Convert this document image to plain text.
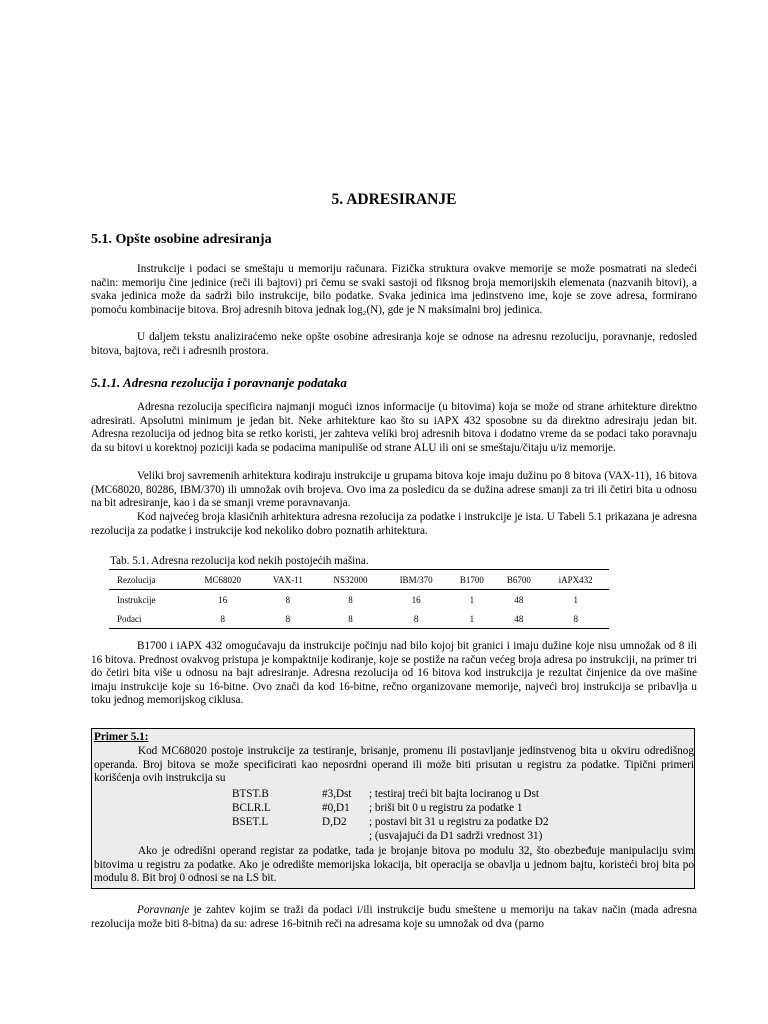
5. ADRESIRANJE
5.1. Opšte osobine adresiranja

Instrukcije i podaci se smeštaju u memoriju računara. Fizička struktura ovakve memorije se može posmatrati na sledeći način: memoriju čine jedinice (reči ili bajtovi) pri čemu se svaki sastoji od fiksnog broja memorijskih elemenata (nazvanih bitovi), a svaka jedinica može da sadrži bilo instrukcije, bilo podatke. Svaka jedinica ima jedinstveno ime, koje se zove adresa, formirano pomoću kombinacije bitova. Broj adresnih bitova jednak log₂(N), gde je N maksimalni broj jedinica.

U daljem tekstu analiziraćemo neke opšte osobine adresiranja koje se odnose na adresnu rezoluciju, poravnanje, redosled bitova, bajtova, reči i adresnih prostora.

5.1.1. Adresna rezolucija i poravnanje podataka

Adresna rezolucija specificira najmanji mogući iznos informacije (u bitovima) koja se može od strane arhitekture direktno adresirati. Apsolutni minimum je jedan bit. Neke arhitekture kao što su iAPX 432 sposobne su da direktno adresiraju jedan bit. Adresna rezolucija od jednog bita se retko koristi, jer zahteva veliki broj adresnih bitova i dodatno vreme da se podaci tako poravnaju da su bitovi u korektnoj poziciji kada se podacima manipuliše od strane ALU ili oni se smeštaju/čitaju u/iz memorije.

Veliki broj savremenih arhitektura kodiraju instrukcije u grupama bitova koje imaju dužinu po 8 bitova (VAX-11), 16 bitova (MC68020, 80286, IBM/370) ili umnožak ovih brojeva. Ovo ima za posledicu da se dužina adrese smanji za tri ili četiri bita u odnosu na bit adresiranje, kao i da se smanji vreme poravnavanja.

Kod najvećeg broja klasičnih arhitektura adresna rezolucija za podatke i instrukcije je ista. U Tabeli 5.1 prikazana je adresna rezolucija za podatke i instrukcije kod nekoliko dobro poznatih arhitektura.

Tab. 5.1. Adresna rezolucija kod nekih postojećih mašina.

Rezolucija	MC68020	VAX-11	NS32000	IBM/370	B1700	B6700	iAPX432
Instrukcije	16	8	8	16	1	48	1
Podaci	8	8	8	8	1	48	8

B1700 i iAPX 432 omogućavaju da instrukcije počinju nad bilo kojoj bit granici i imaju dužine koje nisu umnožak od 8 ili 16 bitova. Prednost ovakvog pristupa je kompaktnije kodiranje, koje se postiže na račun većeg broja adresa po instrukciji, na primer tri do četiri bita više u odnosu na bajt adresiranje. Adresna rezolucija od 16 bitova kod instrukcija je rezultat činjenice da ove mašine imaju instrukcije koje su 16-bitne. Ovo znači da kod 16-bitne, rečno organizovane memorije, najveći broj instrukcija se pribavlja u toku jednog memorijskog ciklusa.

Primer 5.1:

Kod MC68020 postoje instrukcije za testiranje, brisanje, promenu ili postavljanje jedinstvenog bita u okviru odredišnog operanda. Broj bitova se može specificirati kao neposrdni operand ili može biti prisutan u registru za podatke. Tipični primeri korišćenja ovih instrukcija su

BTST.B	#3,Dst ; testiraj treći bit bajta lociranog u Dst
BCLR.L	#0,D1 ; briši bit 0 u registru za podatke 1
BSET.L	D,D2 ; postavi bit 31 u registru za podatke D2
; (usvajajući da D1 sadrži vrednost 31)

Ako je odredišni operand registar za podatke, tada je brojanje bitova po modulu 32, što obezbeđuje manipulaciju svim bitovima u registru za podatke. Ako je odredište memorijska lokacija, bit operacija se obavlja u jednom bajtu, koristeći broj bita po modulu 8. Bit broj 0 odnosi se na LS bit.

Poravnanje je zahtev kojim se traži da podaci i/ili instrukcije budu smeštene u memoriju na takav način (mada adresna rezolucija može biti 8-bitna) da su: adrese 16-bitnih reči na adresama koje su umnožak od dva (parno
